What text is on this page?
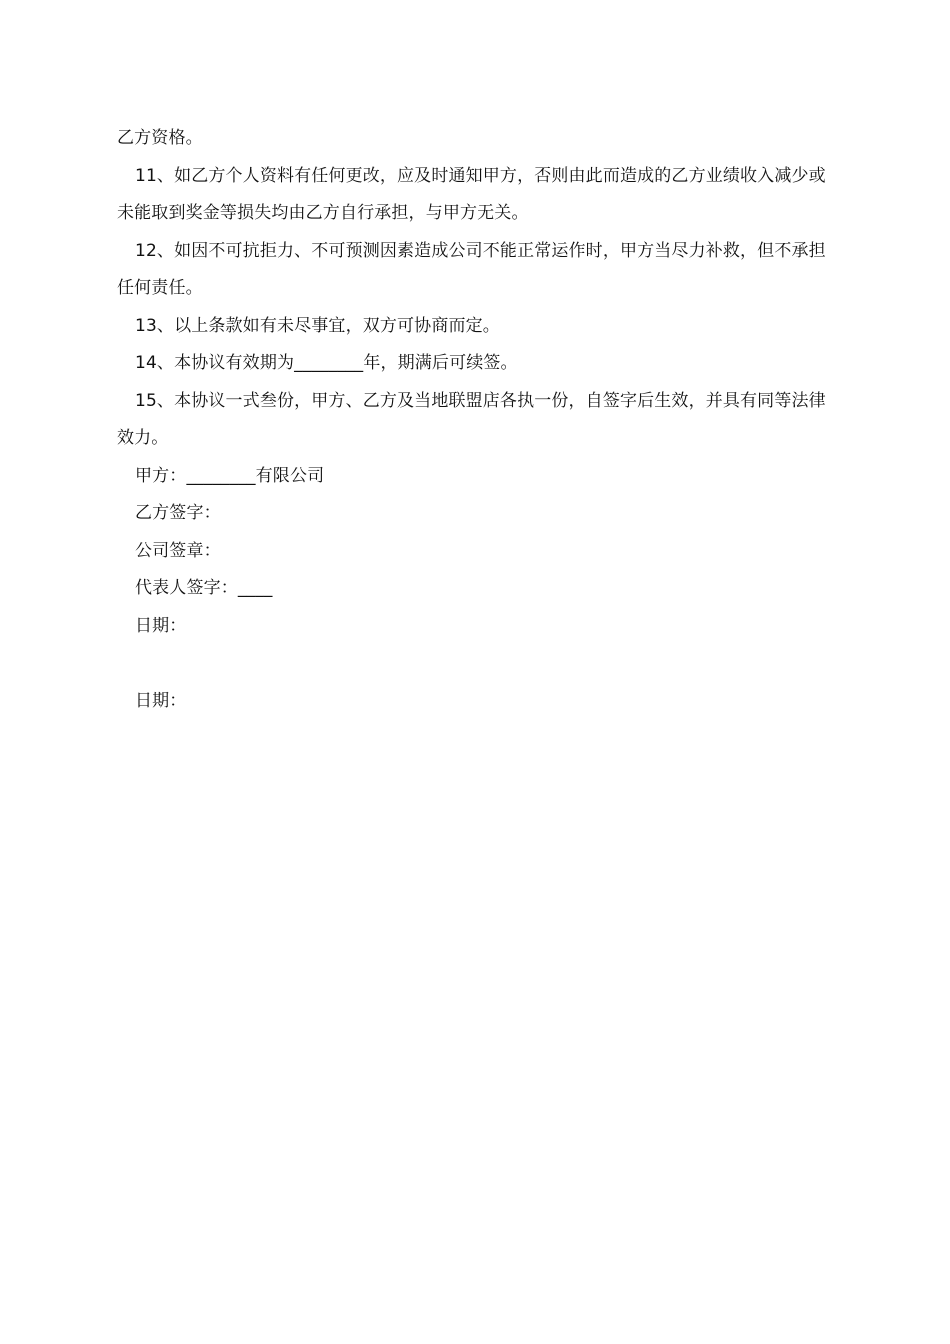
乙方资格。

11、如乙方个人资料有任何更改，应及时通知甲方，否则由此而造成的乙方业绩收入减少或未能取到奖金等损失均由乙方自行承担，与甲方无关。

12、如因不可抗拒力、不可预测因素造成公司不能正常运作时，甲方当尽力补救，但不承担任何责任。

13、以上条款如有未尽事宜，双方可协商而定。

14、本协议有效期为________年，期满后可续签。

15、本协议一式叁份，甲方、乙方及当地联盟店各执一份，自签字后生效，并具有同等法律效力。

甲方：________有限公司

乙方签字：

公司签章：

代表人签字：____

日期：

日期：
